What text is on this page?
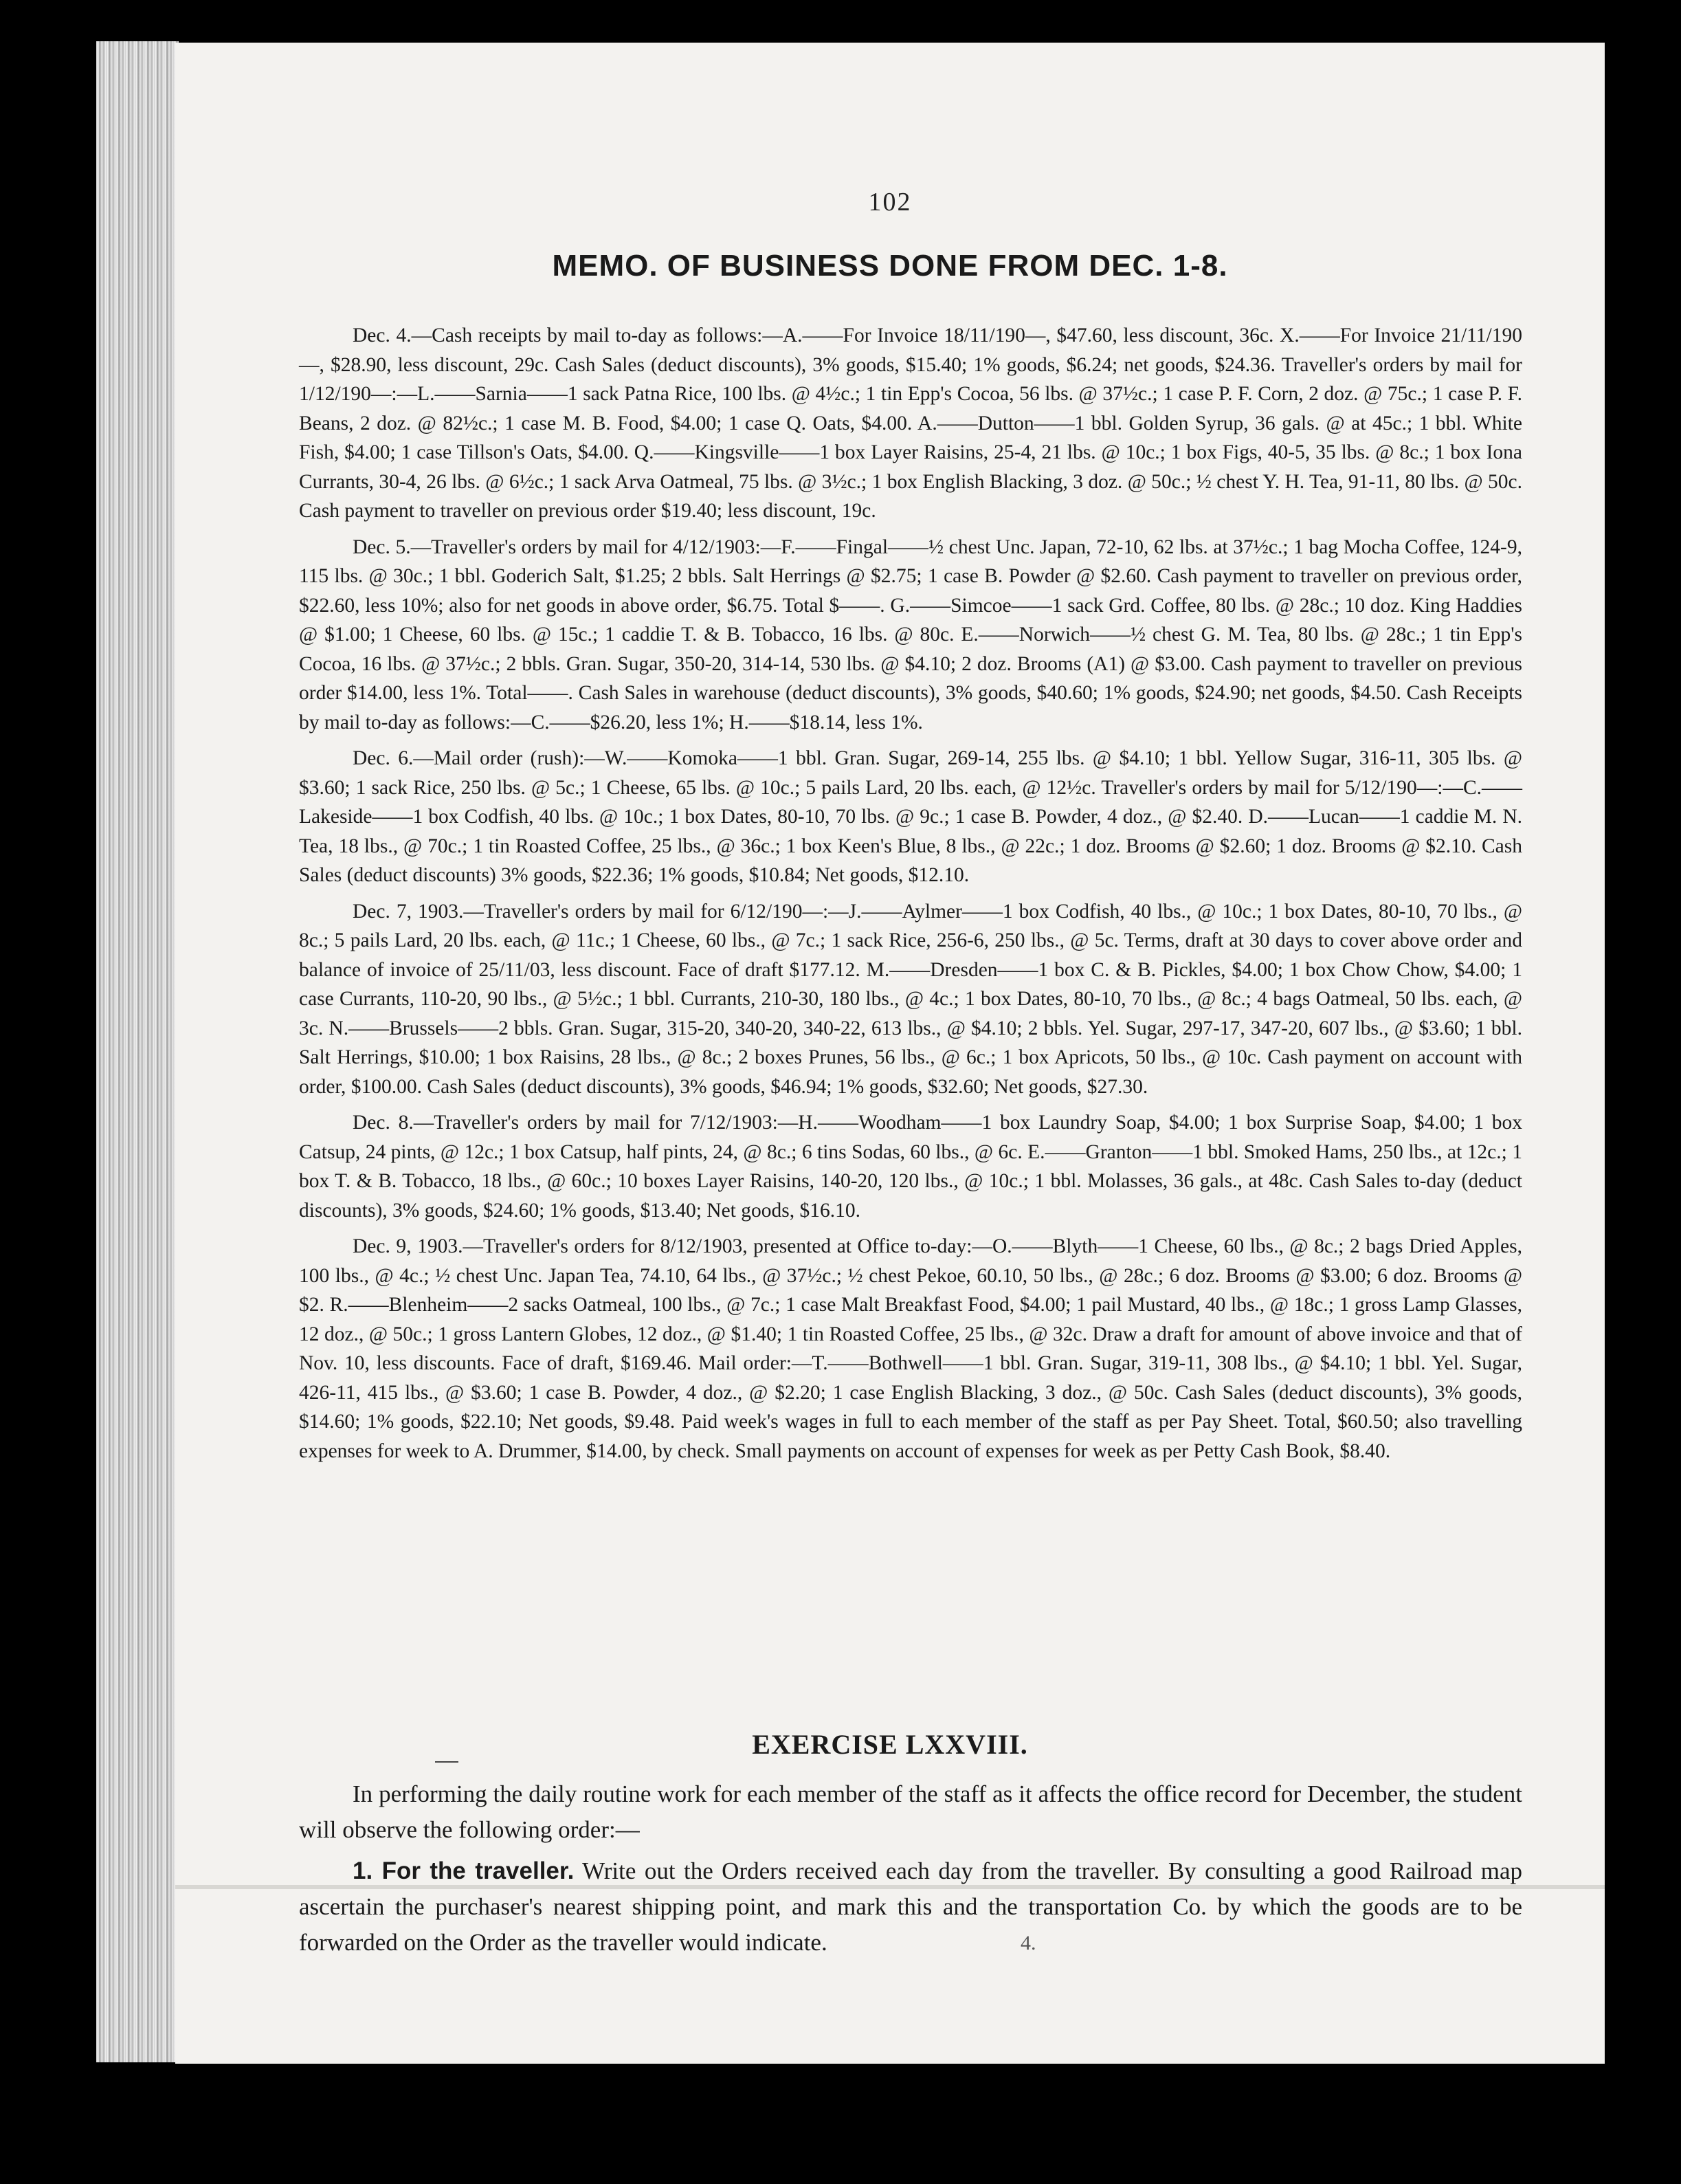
102
MEMO. OF BUSINESS DONE FROM DEC. 1-8.

Dec. 4.—Cash receipts by mail to-day as follows:—A.——For Invoice 18/11/190—, $47.60, less discount, 36c. X.——For Invoice 21/11/190—, $28.90, less discount, 29c. Cash Sales (deduct discounts), 3% goods, $15.40; 1% goods, $6.24; net goods, $24.36. Traveller's orders by mail for 1/12/190—:—L.——Sarnia——1 sack Patna Rice, 100 lbs. @ 4½c.; 1 tin Epp's Cocoa, 56 lbs. @ 37½c.; 1 case P. F. Corn, 2 doz. @ 75c.; 1 case P. F. Beans, 2 doz. @ 82½c.; 1 case M. B. Food, $4.00; 1 case Q. Oats, $4.00. A.——Dutton——1 bbl. Golden Syrup, 36 gals. @ at 45c.; 1 bbl. White Fish, $4.00; 1 case Tillson's Oats, $4.00. Q.——Kingsville——1 box Layer Raisins, 25-4, 21 lbs. @ 10c.; 1 box Figs, 40-5, 35 lbs. @ 8c.; 1 box Iona Currants, 30-4, 26 lbs. @ 6½c.; 1 sack Arva Oatmeal, 75 lbs. @ 3½c.; 1 box English Blacking, 3 doz. @ 50c.; ½ chest Y. H. Tea, 91-11, 80 lbs. @ 50c. Cash payment to traveller on previous order $19.40; less discount, 19c.

Dec. 5.—Traveller's orders by mail for 4/12/1903:—F.——Fingal——½ chest Unc. Japan, 72-10, 62 lbs. at 37½c.; 1 bag Mocha Coffee, 124-9, 115 lbs. @ 30c.; 1 bbl. Goderich Salt, $1.25; 2 bbls. Salt Herrings @ $2.75; 1 case B. Powder @ $2.60. Cash payment to traveller on previous order, $22.60, less 10%; also for net goods in above order, $6.75. Total $——. G.——Simcoe——1 sack Grd. Coffee, 80 lbs. @ 28c.; 10 doz. King Haddies @ $1.00; 1 Cheese, 60 lbs. @ 15c.; 1 caddie T. & B. Tobacco, 16 lbs. @ 80c. E.——Norwich——½ chest G. M. Tea, 80 lbs. @ 28c.; 1 tin Epp's Cocoa, 16 lbs. @ 37½c.; 2 bbls. Gran. Sugar, 350-20, 314-14, 530 lbs. @ $4.10; 2 doz. Brooms (A1) @ $3.00. Cash payment to traveller on previous order $14.00, less 1%. Total——. Cash Sales in warehouse (deduct discounts), 3% goods, $40.60; 1% goods, $24.90; net goods, $4.50. Cash Receipts by mail to-day as follows:—C.——$26.20, less 1%; H.——$18.14, less 1%.

Dec. 6.—Mail order (rush):—W.——Komoka——1 bbl. Gran. Sugar, 269-14, 255 lbs. @ $4.10; 1 bbl. Yellow Sugar, 316-11, 305 lbs. @ $3.60; 1 sack Rice, 250 lbs. @ 5c.; 1 Cheese, 65 lbs. @ 10c.; 5 pails Lard, 20 lbs. each, @ 12½c. Traveller's orders by mail for 5/12/190—:—C.——Lakeside——1 box Codfish, 40 lbs. @ 10c.; 1 box Dates, 80-10, 70 lbs. @ 9c.; 1 case B. Powder, 4 doz., @ $2.40. D.——Lucan——1 caddie M. N. Tea, 18 lbs., @ 70c.; 1 tin Roasted Coffee, 25 lbs., @ 36c.; 1 box Keen's Blue, 8 lbs., @ 22c.; 1 doz. Brooms @ $2.60; 1 doz. Brooms @ $2.10. Cash Sales (deduct discounts) 3% goods, $22.36; 1% goods, $10.84; Net goods, $12.10.

Dec. 7, 1903.—Traveller's orders by mail for 6/12/190—:—J.——Aylmer——1 box Codfish, 40 lbs., @ 10c.; 1 box Dates, 80-10, 70 lbs., @ 8c.; 5 pails Lard, 20 lbs. each, @ 11c.; 1 Cheese, 60 lbs., @ 7c.; 1 sack Rice, 256-6, 250 lbs., @ 5c. Terms, draft at 30 days to cover above order and balance of invoice of 25/11/03, less discount. Face of draft $177.12. M.——Dresden——1 box C. & B. Pickles, $4.00; 1 box Chow Chow, $4.00; 1 case Currants, 110-20, 90 lbs., @ 5½c.; 1 bbl. Currants, 210-30, 180 lbs., @ 4c.; 1 box Dates, 80-10, 70 lbs., @ 8c.; 4 bags Oatmeal, 50 lbs. each, @ 3c. N.——Brussels——2 bbls. Gran. Sugar, 315-20, 340-20, 340-22, 613 lbs., @ $4.10; 2 bbls. Yel. Sugar, 297-17, 347-20, 607 lbs., @ $3.60; 1 bbl. Salt Herrings, $10.00; 1 box Raisins, 28 lbs., @ 8c.; 2 boxes Prunes, 56 lbs., @ 6c.; 1 box Apricots, 50 lbs., @ 10c. Cash payment on account with order, $100.00. Cash Sales (deduct discounts), 3% goods, $46.94; 1% goods, $32.60; Net goods, $27.30.

Dec. 8.—Traveller's orders by mail for 7/12/1903:—H.——Woodham——1 box Laundry Soap, $4.00; 1 box Surprise Soap, $4.00; 1 box Catsup, 24 pints, @ 12c.; 1 box Catsup, half pints, 24, @ 8c.; 6 tins Sodas, 60 lbs., @ 6c. E.——Granton——1 bbl. Smoked Hams, 250 lbs., at 12c.; 1 box T. & B. Tobacco, 18 lbs., @ 60c.; 10 boxes Layer Raisins, 140-20, 120 lbs., @ 10c.; 1 bbl. Molasses, 36 gals., at 48c. Cash Sales to-day (deduct discounts), 3% goods, $24.60; 1% goods, $13.40; Net goods, $16.10.

Dec. 9, 1903.—Traveller's orders for 8/12/1903, presented at Office to-day:—O.——Blyth——1 Cheese, 60 lbs., @ 8c.; 2 bags Dried Apples, 100 lbs., @ 4c.; ½ chest Unc. Japan Tea, 74.10, 64 lbs., @ 37½c.; ½ chest Pekoe, 60.10, 50 lbs., @ 28c.; 6 doz. Brooms @ $3.00; 6 doz. Brooms @ $2. R.——Blenheim——2 sacks Oatmeal, 100 lbs., @ 7c.; 1 case Malt Breakfast Food, $4.00; 1 pail Mustard, 40 lbs., @ 18c.; 1 gross Lamp Glasses, 12 doz., @ 50c.; 1 gross Lantern Globes, 12 doz., @ $1.40; 1 tin Roasted Coffee, 25 lbs., @ 32c. Draw a draft for amount of above invoice and that of Nov. 10, less discounts. Face of draft, $169.46. Mail order:—T.——Bothwell——1 bbl. Gran. Sugar, 319-11, 308 lbs., @ $4.10; 1 bbl. Yel. Sugar, 426-11, 415 lbs., @ $3.60; 1 case B. Powder, 4 doz., @ $2.20; 1 case English Blacking, 3 doz., @ 50c. Cash Sales (deduct discounts), 3% goods, $14.60; 1% goods, $22.10; Net goods, $9.48. Paid week's wages in full to each member of the staff as per Pay Sheet. Total, $60.50; also travelling expenses for week to A. Drummer, $14.00, by check. Small payments on account of expenses for week as per Petty Cash Book, $8.40.

EXERCISE LXXVIII.

In performing the daily routine work for each member of the staff as it affects the office record for December, the student will observe the following order:—

1. For the traveller. Write out the Orders received each day from the traveller. By consulting a good Railroad map ascertain the purchaser's nearest shipping point, and mark this and the transportation Co. by which the goods are to be forwarded on the Order as the traveller would indicate.	4.
